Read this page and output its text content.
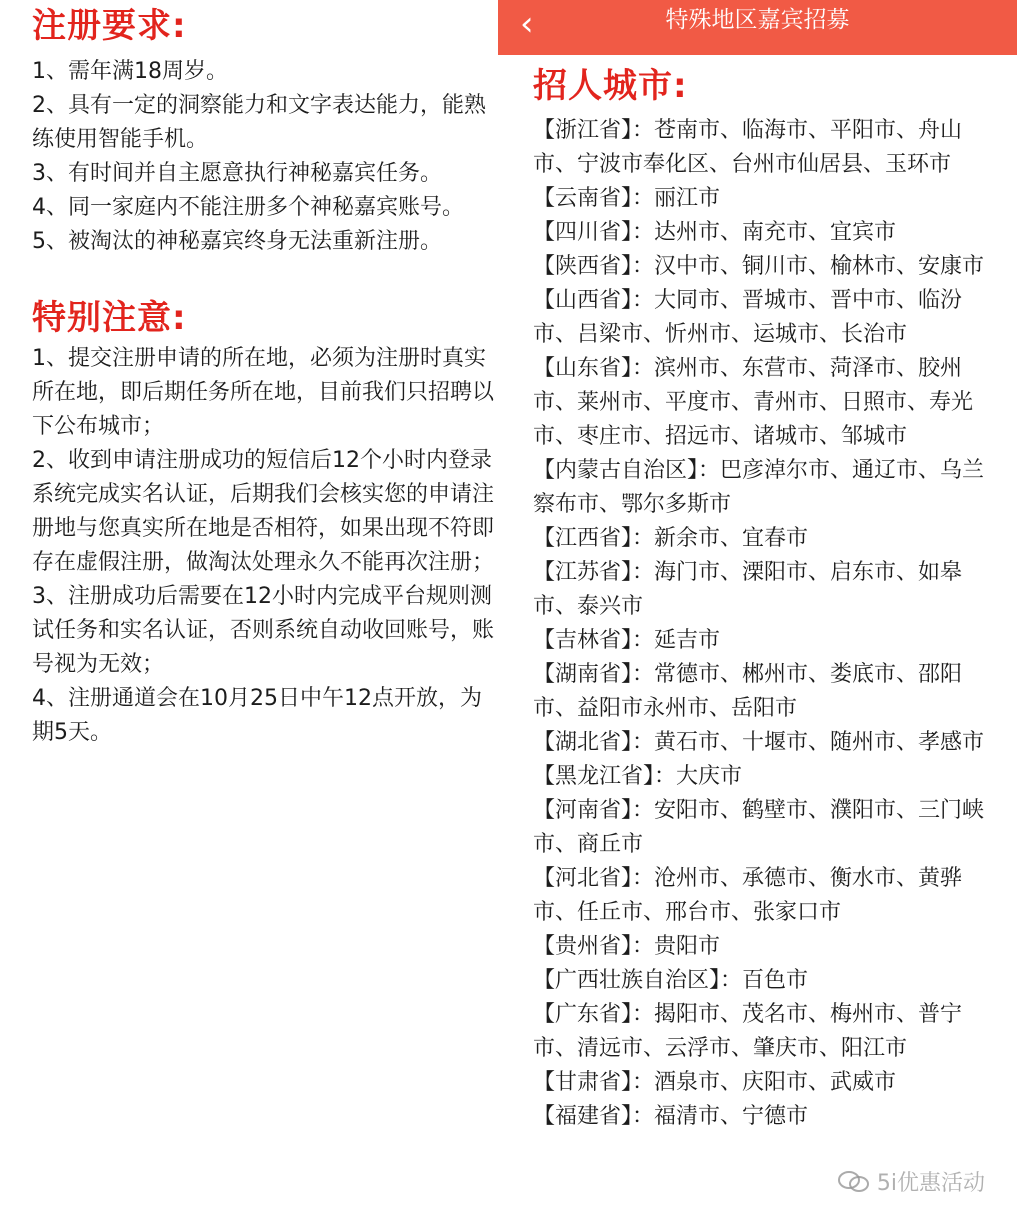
注册要求:

1、需年满18周岁。

2、具有一定的洞察能力和文字表达能力，能熟练使用智能手机。

3、有时间并自主愿意执行神秘嘉宾任务。

4、同一家庭内不能注册多个神秘嘉宾账号。

5、被淘汰的神秘嘉宾终身无法重新注册。

特别注意:

1、提交注册申请的所在地，必须为注册时真实所在地，即后期任务所在地，目前我们只招聘以下公布城市；

2、收到申请注册成功的短信后12个小时内登录系统完成实名认证，后期我们会核实您的申请注册地与您真实所在地是否相符，如果出现不符即存在虚假注册，做淘汰处理永久不能再次注册；

3、注册成功后需要在12小时内完成平台规则测试任务和实名认证，否则系统自动收回账号，账号视为无效；

4、注册通道会在10月25日中午12点开放，为期5天。

‹	特殊地区嘉宾招募
招人城市:

【浙江省】：苍南市、临海市、平阳市、舟山市、宁波市奉化区、台州市仙居县、玉环市

【云南省】：丽江市

【四川省】：达州市、南充市、宜宾市

【陕西省】：汉中市、铜川市、榆林市、安康市

【山西省】：大同市、晋城市、晋中市、临汾市、吕梁市、忻州市、运城市、长治市

【山东省】：滨州市、东营市、菏泽市、胶州市、莱州市、平度市、青州市、日照市、寿光市、枣庄市、招远市、诸城市、邹城市

【内蒙古自治区】：巴彦淖尔市、通辽市、乌兰察布市、鄂尔多斯市

【江西省】：新余市、宜春市

【江苏省】：海门市、溧阳市、启东市、如皋市、泰兴市

【吉林省】：延吉市

【湖南省】：常德市、郴州市、娄底市、邵阳市、益阳市永州市、岳阳市

【湖北省】：黄石市、十堰市、随州市、孝感市

【黑龙江省】：大庆市

【河南省】：安阳市、鹤壁市、濮阳市、三门峡市、商丘市

【河北省】：沧州市、承德市、衡水市、黄骅市、任丘市、邢台市、张家口市

【贵州省】：贵阳市

【广西壮族自治区】：百色市

【广东省】：揭阳市、茂名市、梅州市、普宁市、清远市、云浮市、肇庆市、阳江市

【甘肃省】：酒泉市、庆阳市、武威市

【福建省】：福清市、宁德市

5i优惠活动
